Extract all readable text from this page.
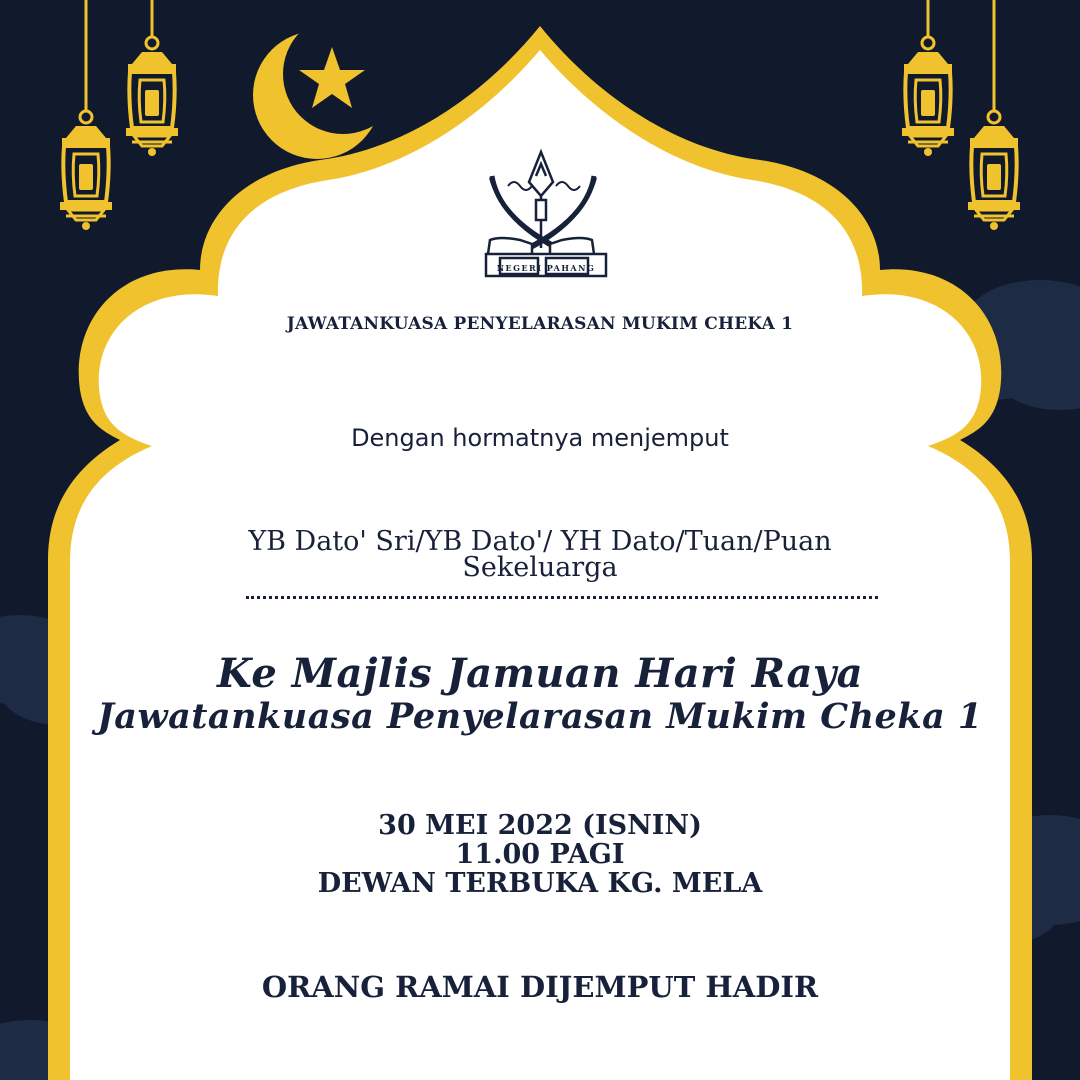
NEGERI PAHANG
JAWATANKUASA PENYELARASAN MUKIM CHEKA 1
Dengan hormatnya menjemput
YB Dato' Sri/YB Dato'/ YH Dato/Tuan/Puan
Sekeluarga
Ke Majlis Jamuan Hari Raya
Jawatankuasa Penyelarasan Mukim Cheka 1
30 MEI 2022 (ISNIN)
11.00 PAGI
DEWAN TERBUKA KG. MELA
ORANG RAMAI DIJEMPUT HADIR
